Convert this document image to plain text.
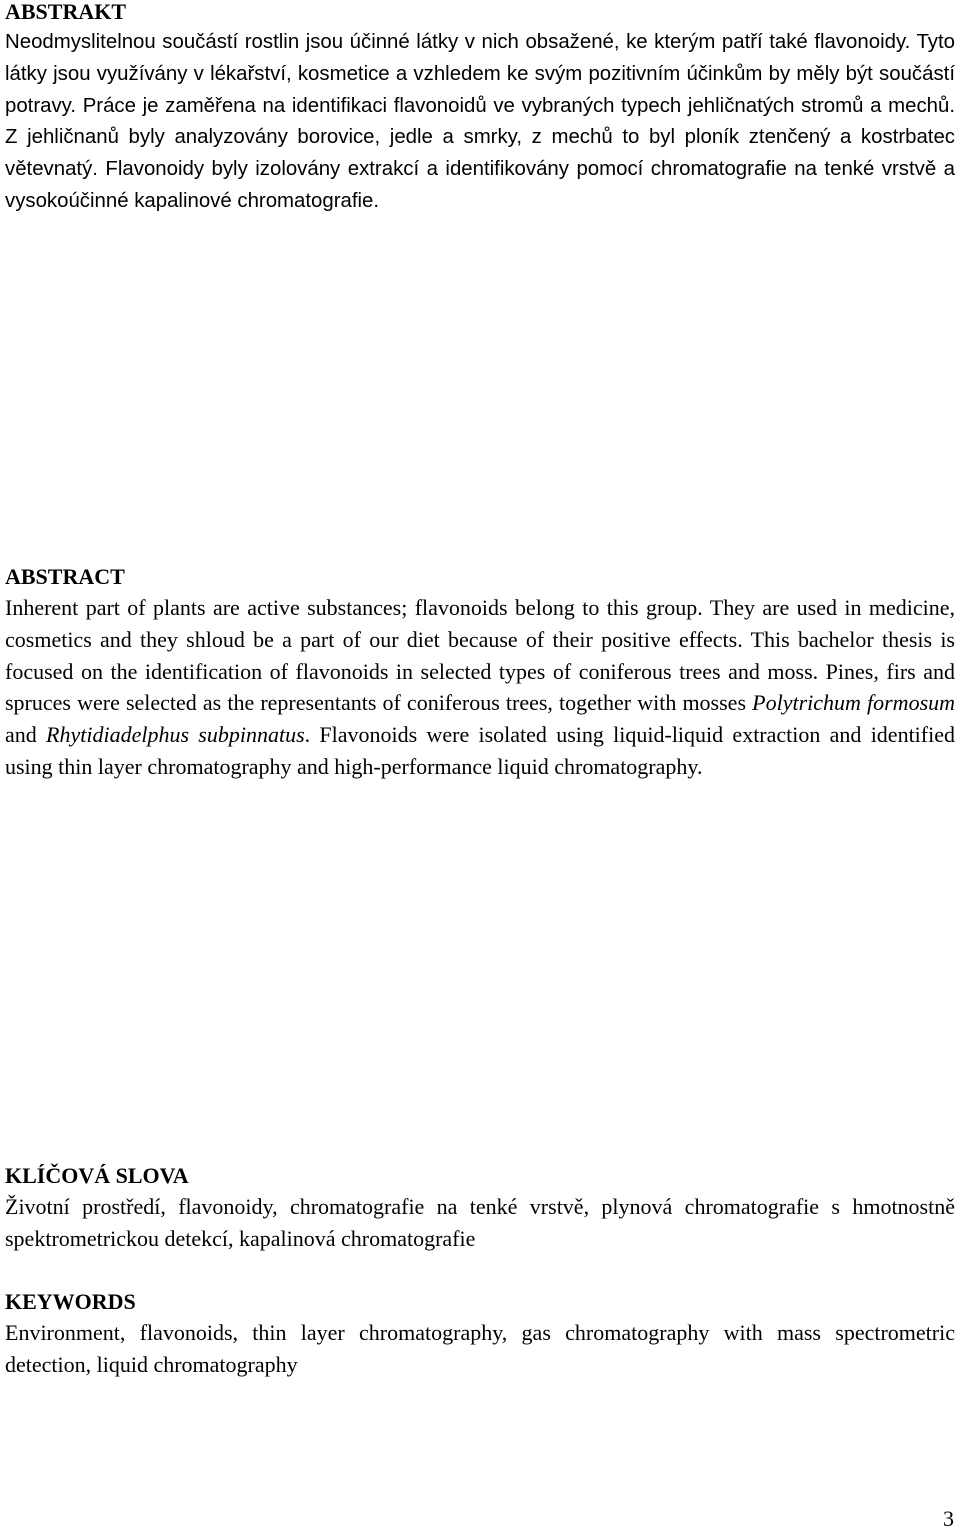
ABSTRAKT

Neodmyslitelnou součástí rostlin jsou účinné látky v nich obsažené, ke kterým patří také flavonoidy. Tyto látky jsou využívány v lékařství, kosmetice a vzhledem ke svým pozitivním účinkům by měly být součástí potravy. Práce je zaměřena na identifikaci flavonoidů ve vybraných typech jehličnatých stromů a mechů. Z jehličnanů byly analyzovány borovice, jedle a smrky, z mechů to byl ploník ztenčený a kostrbatec větevnatý. Flavonoidy byly izolovány extrakcí a identifikovány pomocí chromatografie na tenké vrstvě a vysokoúčinné kapalinové chromatografie.

ABSTRACT

Inherent part of plants are active substances; flavonoids belong to this group. They are used in medicine, cosmetics and they shloud be a part of our diet because of their positive effects. This bachelor thesis is focused on the identification of flavonoids in selected types of coniferous trees and moss. Pines, firs and spruces were selected as the representants of coniferous trees, together with mosses Polytrichum formosum and Rhytidiadelphus subpinnatus. Flavonoids were isolated using liquid-liquid extraction and identified using thin layer chromatography and high-performance liquid chromatography.

KLÍČOVÁ SLOVA

Životní prostředí, flavonoidy, chromatografie na tenké vrstvě, plynová chromatografie s hmotnostně spektrometrickou detekcí, kapalinová chromatografie

KEYWORDS

Environment, flavonoids, thin layer chromatography, gas chromatography with mass spectrometric detection, liquid chromatography

3
